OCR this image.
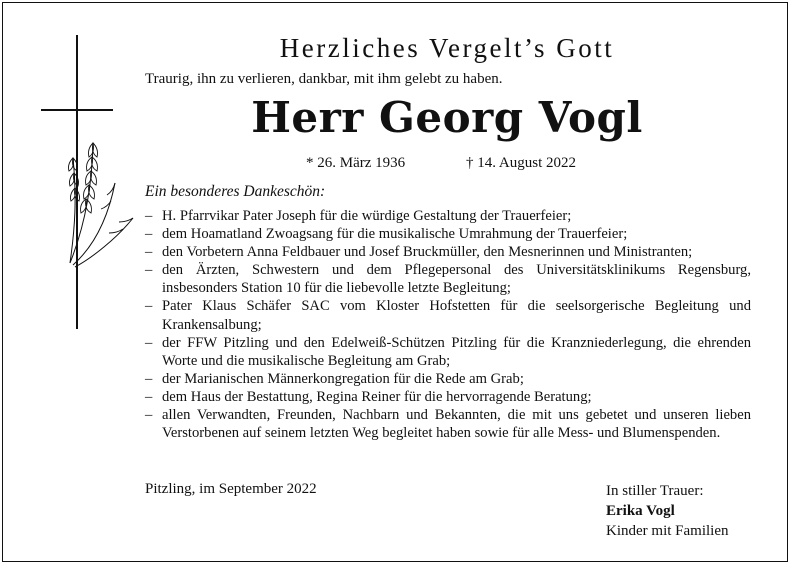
Herzliches Vergelt’s Gott
Traurig, ihn zu verlieren, dankbar, mit ihm gelebt zu haben.
Herr Georg Vogl
* 26. März 1936	† 14. August 2022
Ein besonderes Dankeschön:
– H. Pfarrvikar Pater Joseph für die würdige Gestaltung der Trauerfeier;
– dem Hoamatland Zwoagsang für die musikalische Umrahmung der Trauerfeier;
– den Vorbetern Anna Feldbauer und Josef Bruckmüller, den Mesnerinnen und Ministranten;
– den Ärzten, Schwestern und dem Pflegepersonal des Universitätsklinikums Regensburg, insbesonders Station 10 für die liebevolle letzte Begleitung;
– Pater Klaus Schäfer SAC vom Kloster Hofstetten für die seelsorgerische Begleitung und Krankensalbung;
– der FFW Pitzling und den Edelweiß-Schützen Pitzling für die Kranzniederlegung, die ehrenden Worte und die musikalische Begleitung am Grab;
– der Marianischen Männerkongregation für die Rede am Grab;
– dem Haus der Bestattung, Regina Reiner für die hervorragende Beratung;
– allen Verwandten, Freunden, Nachbarn und Bekannten, die mit uns gebetet und unseren lieben Verstorbenen auf seinem letzten Weg begleitet haben sowie für alle Mess- und Blumenspenden.
Pitzling, im September 2022	In stiller Trauer:
Erika Vogl
Kinder mit Familien
